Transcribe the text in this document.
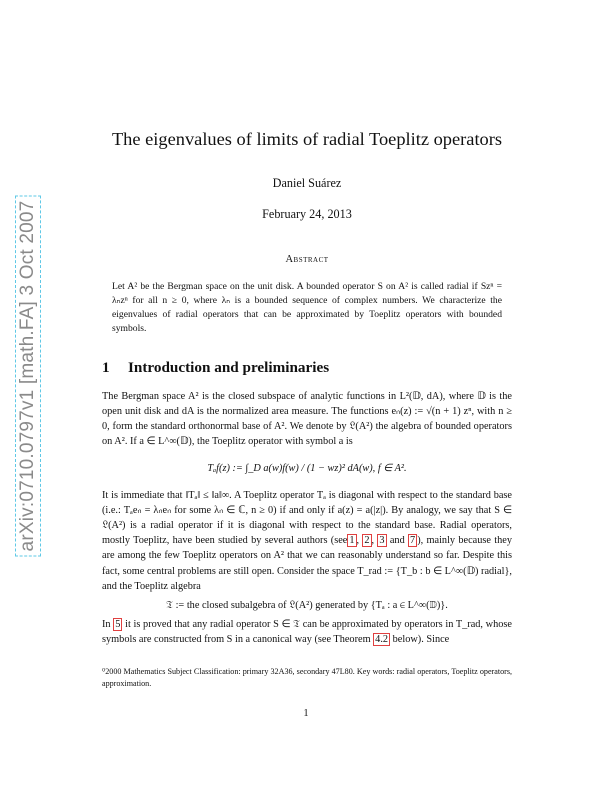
arXiv:0710.0797v1 [math.FA] 3 Oct 2007
The eigenvalues of limits of radial Toeplitz operators
Daniel Suárez
February 24, 2013
Abstract
Let A² be the Bergman space on the unit disk. A bounded operator S on A² is called radial if Szⁿ = λₙzⁿ for all n ≥ 0, where λₙ is a bounded sequence of complex numbers. We characterize the eigenvalues of radial operators that can be approximated by Toeplitz operators with bounded symbols.
1 Introduction and preliminaries

The Bergman space A² is the closed subspace of analytic functions in L²(𝔻, dA), where 𝔻 is the open unit disk and dA is the normalized area measure. The functions eₙ(z) := √(n + 1) zⁿ, with n ≥ 0, form the standard orthonormal base of A². We denote by 𝔏(A²) the algebra of bounded operators on A². If a ∈ L^∞(𝔻), the Toeplitz operator with symbol a is

Tₐf(z) := ∫_D a(w)f(w) / (1 − wz)² dA(w), f ∈ A².

It is immediate that ‖Tₐ‖ ≤ ‖a‖∞. A Toeplitz operator Tₐ is diagonal with respect to the standard base (i.e.: Tₐeₙ = λₙeₙ for some λₙ ∈ ℂ, n ≥ 0) if and only if a(z) = a(|z|). By analogy, we say that S ∈ 𝔏(A²) is a radial operator if it is diagonal with respect to the standard base. Radial operators, mostly Toeplitz, have been studied by several authors (see 1 , 2 , 3 and 7 ), mainly because they are among the few Toeplitz operators on A² that we can reasonably understand so far. Despite this fact, some central problems are still open. Consider the space T_rad := {T_b : b ∈ L^∞(𝔻) radial}, and the Toeplitz algebra

𝔗 := the closed subalgebra of 𝔏(A²) generated by {Tₐ : a ∈ L^∞(𝔻)}.

In 5 it is proved that any radial operator S ∈ 𝔗 can be approximated by operators in T_rad, whose symbols are constructed from S in a canonical way (see Theorem 4.2 below). Since

⁰2000 Mathematics Subject Classification: primary 32A36, secondary 47L80. Key words: radial operators, Toeplitz operators, approximation.
1
